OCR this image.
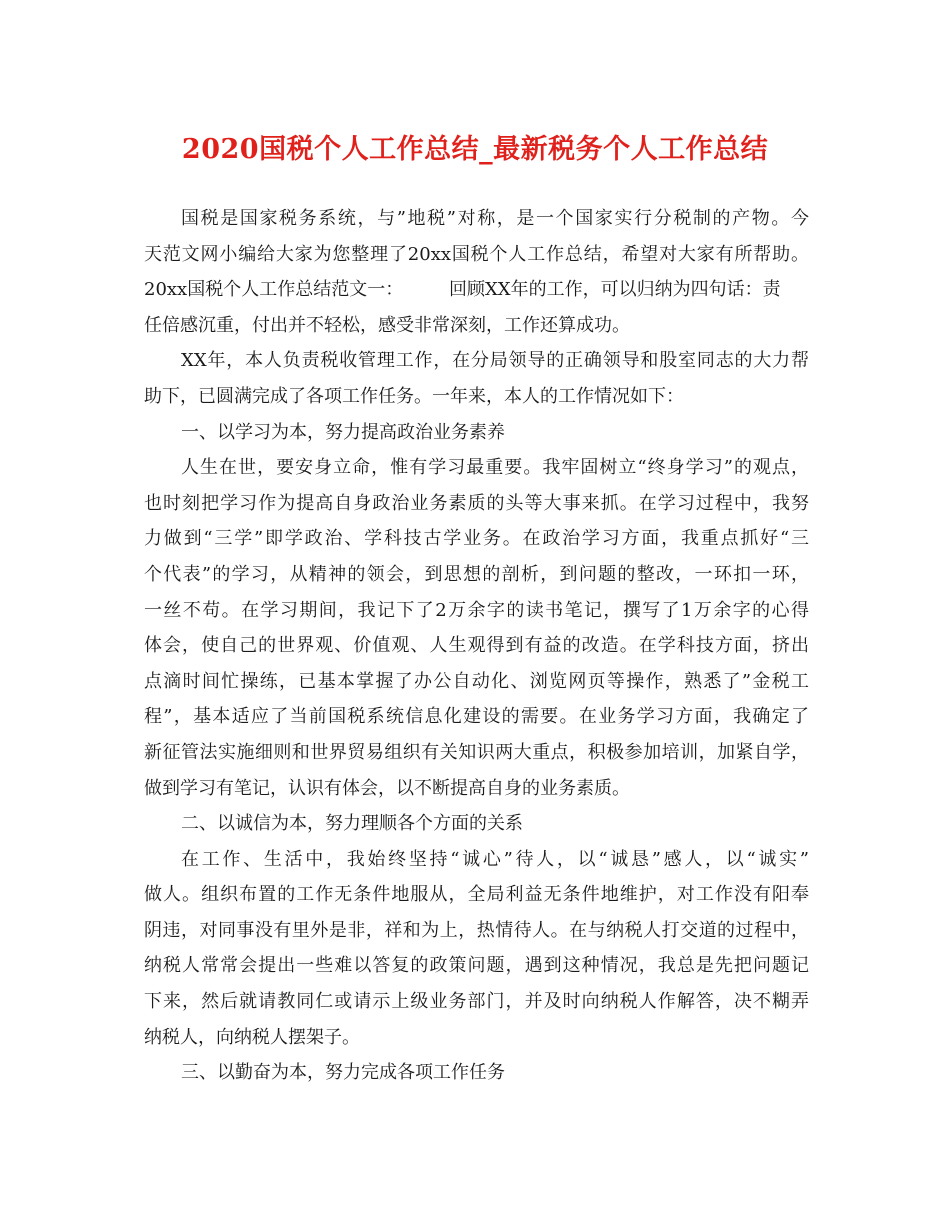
2020国税个人工作总结_最新税务个人工作总结
国税是国家税务系统，与”地税”对称，是一个国家实行分税制的产物。今
天范文网小编给大家为您整理了20xx国税个人工作总结，希望对大家有所帮助。
20xx国税个人工作总结范文一：        回顾XX年的工作，可以归纳为四句话：责
任倍感沉重，付出并不轻松，感受非常深刻，工作还算成功。
XX年，本人负责税收管理工作，在分局领导的正确领导和股室同志的大力帮
助下，已圆满完成了各项工作任务。一年来，本人的工作情况如下：
一、以学习为本，努力提高政治业务素养
人生在世，要安身立命，惟有学习最重要。我牢固树立“终身学习”的观点，
也时刻把学习作为提高自身政治业务素质的头等大事来抓。在学习过程中，我努
力做到“三学”即学政治、学科技古学业务。在政治学习方面，我重点抓好“三
个代表”的学习，从精神的领会，到思想的剖析，到问题的整改，一环扣一环，
一丝不苟。在学习期间，我记下了2万余字的读书笔记，撰写了1万余字的心得
体会，使自己的世界观、价值观、人生观得到有益的改造。在学科技方面，挤出
点滴时间忙操练，已基本掌握了办公自动化、浏览网页等操作，熟悉了”金税工
程”，基本适应了当前国税系统信息化建设的需要。在业务学习方面，我确定了
新征管法实施细则和世界贸易组织有关知识两大重点，积极参加培训，加紧自学，
做到学习有笔记，认识有体会，以不断提高自身的业务素质。
二、以诚信为本，努力理顺各个方面的关系
在工作、生活中，我始终坚持“诚心”待人，以“诚恳”感人，以“诚实”
做人。组织布置的工作无条件地服从，全局利益无条件地维护，对工作没有阳奉
阴违，对同事没有里外是非，祥和为上，热情待人。在与纳税人打交道的过程中，
纳税人常常会提出一些难以答复的政策问题，遇到这种情况，我总是先把问题记
下来，然后就请教同仁或请示上级业务部门，并及时向纳税人作解答，决不糊弄
纳税人，向纳税人摆架子。
三、以勤奋为本，努力完成各项工作任务
